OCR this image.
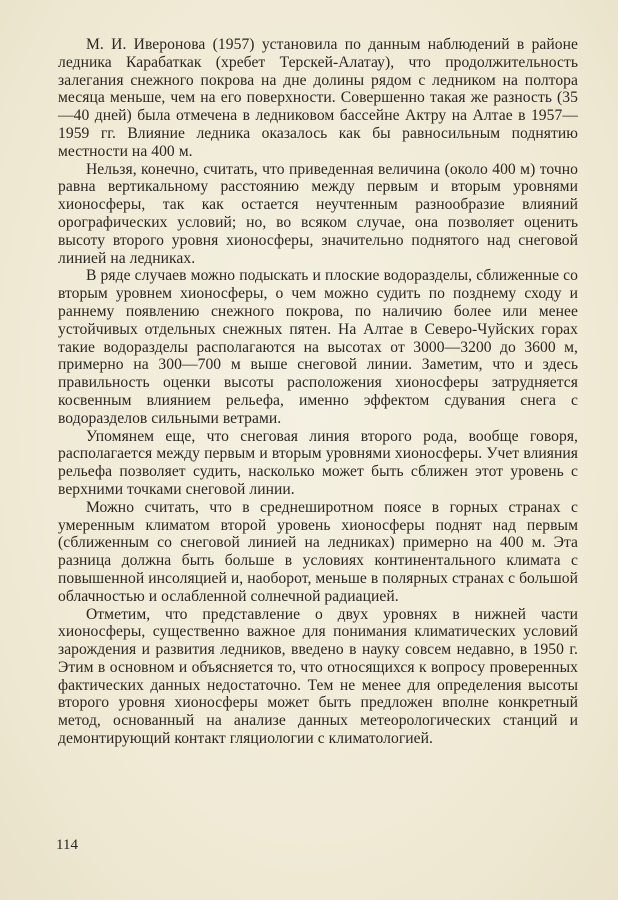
М. И. Иверонова (1957) установила по данным наблюдений в районе ледника Карабаткак (хребет Терскей-Алатау), что продолжительность залегания снежного покрова на дне долины рядом с ледником на полтора месяца меньше, чем на его поверхности. Совершенно такая же разность (35—40 дней) была отмечена в ледниковом бассейне Актру на Алтае в 1957—1959 гг. Влияние ледника оказалось как бы равносильным поднятию местности на 400 м.

Нельзя, конечно, считать, что приведенная величина (около 400 м) точно равна вертикальному расстоянию между первым и вторым уровнями хионосферы, так как остается неучтенным разнообразие влияний орографических условий; но, во всяком случае, она позволяет оценить высоту второго уровня хионосферы, значительно поднятого над снеговой линией на ледниках.

В ряде случаев можно подыскать и плоские водоразделы, сближенные со вторым уровнем хионосферы, о чем можно судить по позднему сходу и раннему появлению снежного покрова, по наличию более или менее устойчивых отдельных снежных пятен. На Алтае в Северо-Чуйских горах такие водоразделы располагаются на высотах от 3000—3200 до 3600 м, примерно на 300—700 м выше снеговой линии. Заметим, что и здесь правильность оценки высоты расположения хионосферы затрудняется косвенным влиянием рельефа, именно эффектом сдувания снега с водоразделов сильными ветрами.

Упомянем еще, что снеговая линия второго рода, вообще говоря, располагается между первым и вторым уровнями хионосферы. Учет влияния рельефа позволяет судить, насколько может быть сближен этот уровень с верхними точками снеговой линии.

Можно считать, что в среднеширотном поясе в горных странах с умеренным климатом второй уровень хионосферы поднят над первым (сближенным со снеговой линией на ледниках) примерно на 400 м. Эта разница должна быть больше в условиях континентального климата с повышенной инсоляцией и, наоборот, меньше в полярных странах с большой облачностью и ослабленной солнечной радиацией.

Отметим, что представление о двух уровнях в нижней части хионосферы, существенно важное для понимания климатических условий зарождения и развития ледников, введено в науку совсем недавно, в 1950 г. Этим в основном и объясняется то, что относящихся к вопросу проверенных фактических данных недостаточно. Тем не менее для определения высоты второго уровня хионосферы может быть предложен вполне конкретный метод, основанный на анализе данных метеорологических станций и демонтирующий контакт гляциологии с климатологией.

114
